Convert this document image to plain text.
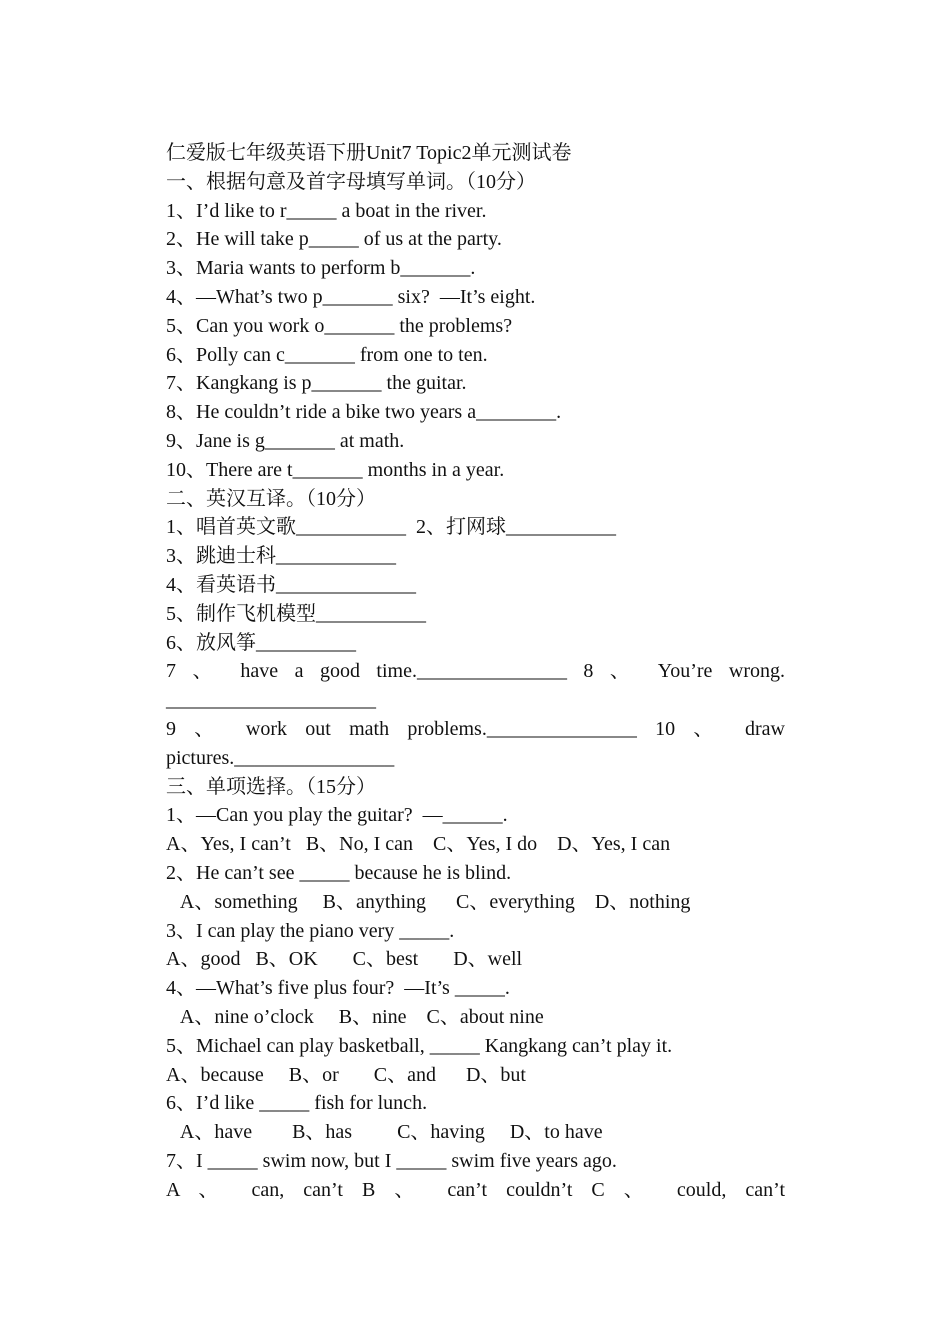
仁爱版七年级英语下册Unit7 Topic2单元测试卷
一、根据句意及首字母填写单词。（10分）
1、I’d like to r_____ a boat in the river.
2、He will take p_____ of us at the party.
3、Maria wants to perform b_______.
4、—What’s two p_______ six?  —It’s eight.
5、Can you work o_______ the problems?
6、Polly can c_______ from one to ten.
7、Kangkang is p_______ the guitar.
8、He couldn’t ride a bike two years a________.
9、Jane is g_______ at math.
10、There are t_______ months in a year.
二、英汉互译。（10分）
1、唱首英文歌___________  2、打网球___________
3、跳迪士科____________
4、看英语书______________
5、制作飞机模型___________
6、放风筝__________
7 、 have a good time._______________ 8 、 You’re wrong.
_____________________
9 、 work out math problems._______________ 10 、 draw
pictures.________________
三、单项选择。（15分）
1、—Can you play the guitar?  —______.
A、Yes, I can’t   B、No, I can    C、Yes, I do    D、Yes, I can
2、He can’t see _____ because he is blind.
A、something     B、anything      C、everything    D、nothing
3、I can play the piano very _____.
A、good   B、OK       C、best       D、well
4、—What’s five plus four?  —It’s _____.
A、nine o’clock     B、nine    C、about nine
5、Michael can play basketball, _____ Kangkang can’t play it.
A、because     B、or       C、and      D、but
6、I’d like _____ fish for lunch.
A、have        B、has         C、having     D、to have
7、I _____ swim now, but I _____ swim five years ago.
A 、 can, can’t B 、 can’t couldn’t C 、 could, can’t
